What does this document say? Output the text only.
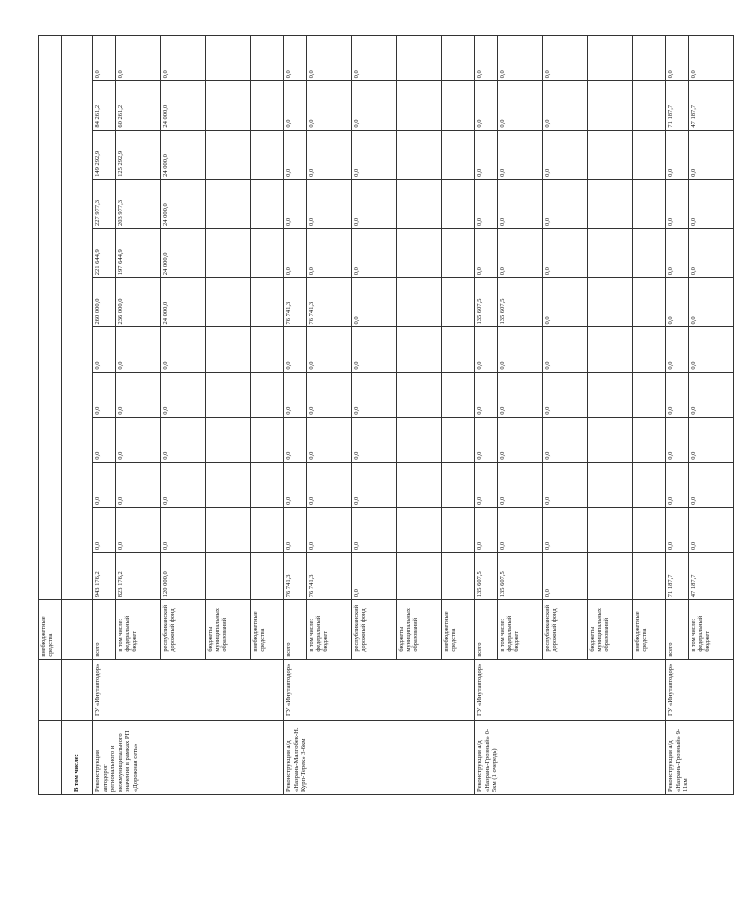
		внебюджетные средства												
В том числе:														
Реконструкция автодорог регионального и межмуниципального значения в рамках РП «Дорожная сеть»	ГУ «Инутавтодор»	всего	943 176,2	0,0	0,0	0,0	0,0	0,0	260 000,0	221 644,9	227 977,3	149 292,9	84 261,2	0,0
		в том числе: федеральный бюджет	823 176,2	0,0	0,0	0,0	0,0	0,0	236 000,0	197 644,9	203 977,3	125 292,9	60 261,2	0,0
		республиканский дорожный фонд	120 000,0	0,0	0,0	0,0	0,0	0,0	24 000,0	24 000,0	24 000,0	24 000,0	24 000,0	0,0
		бюджеты муниципальных образований												
		внебюджетные средства												
Реконструкция а/д «Назрань-Малгобек-Н. Курп-Терек» 3-6км	ГУ «Инутавтодор»	всего	76 741,3	0,0	0,0	0,0	0,0	0,0	76 741,3	0,0	0,0	0,0	0,0	0,0
		в том числе: федеральный бюджет	76 741,3	0,0	0,0	0,0	0,0	0,0	76 741,3	0,0	0,0	0,0	0,0	0,0
		республиканский дорожный фонд	0,0	0,0	0,0	0,0	0,0	0,0	0,0	0,0	0,0	0,0	0,0	0,0
		бюджеты муниципальных образований												
		внебюджетные средства												
Реконструкция а/д «Назрань-Грозный» 0-5км (1 очередь)	ГУ «Инутавтодор»	всего	135 607,5	0,0	0,0	0,0	0,0	0,0	135 607,5	0,0	0,0	0,0	0,0	0,0
		в том числе: федеральный бюджет	135 607,5	0,0	0,0	0,0	0,0	0,0	135 607,5	0,0	0,0	0,0	0,0	0,0
		республиканский дорожный фонд	0,0	0,0	0,0	0,0	0,0	0,0	0,0	0,0	0,0	0,0	0,0	0,0
		бюджеты муниципальных образований												
		внебюджетные средства												
Реконструкция а/д «Назрань-Грозный» 9-11км	ГУ «Инутавтодор»	всего	71 187,7	0,0	0,0	0,0	0,0	0,0	0,0	0,0	0,0	0,0	71 187,7	0,0
		в том числе: федеральный бюджет	47 187,7	0,0	0,0	0,0	0,0	0,0	0,0	0,0	0,0	0,0	47 187,7	0,0
